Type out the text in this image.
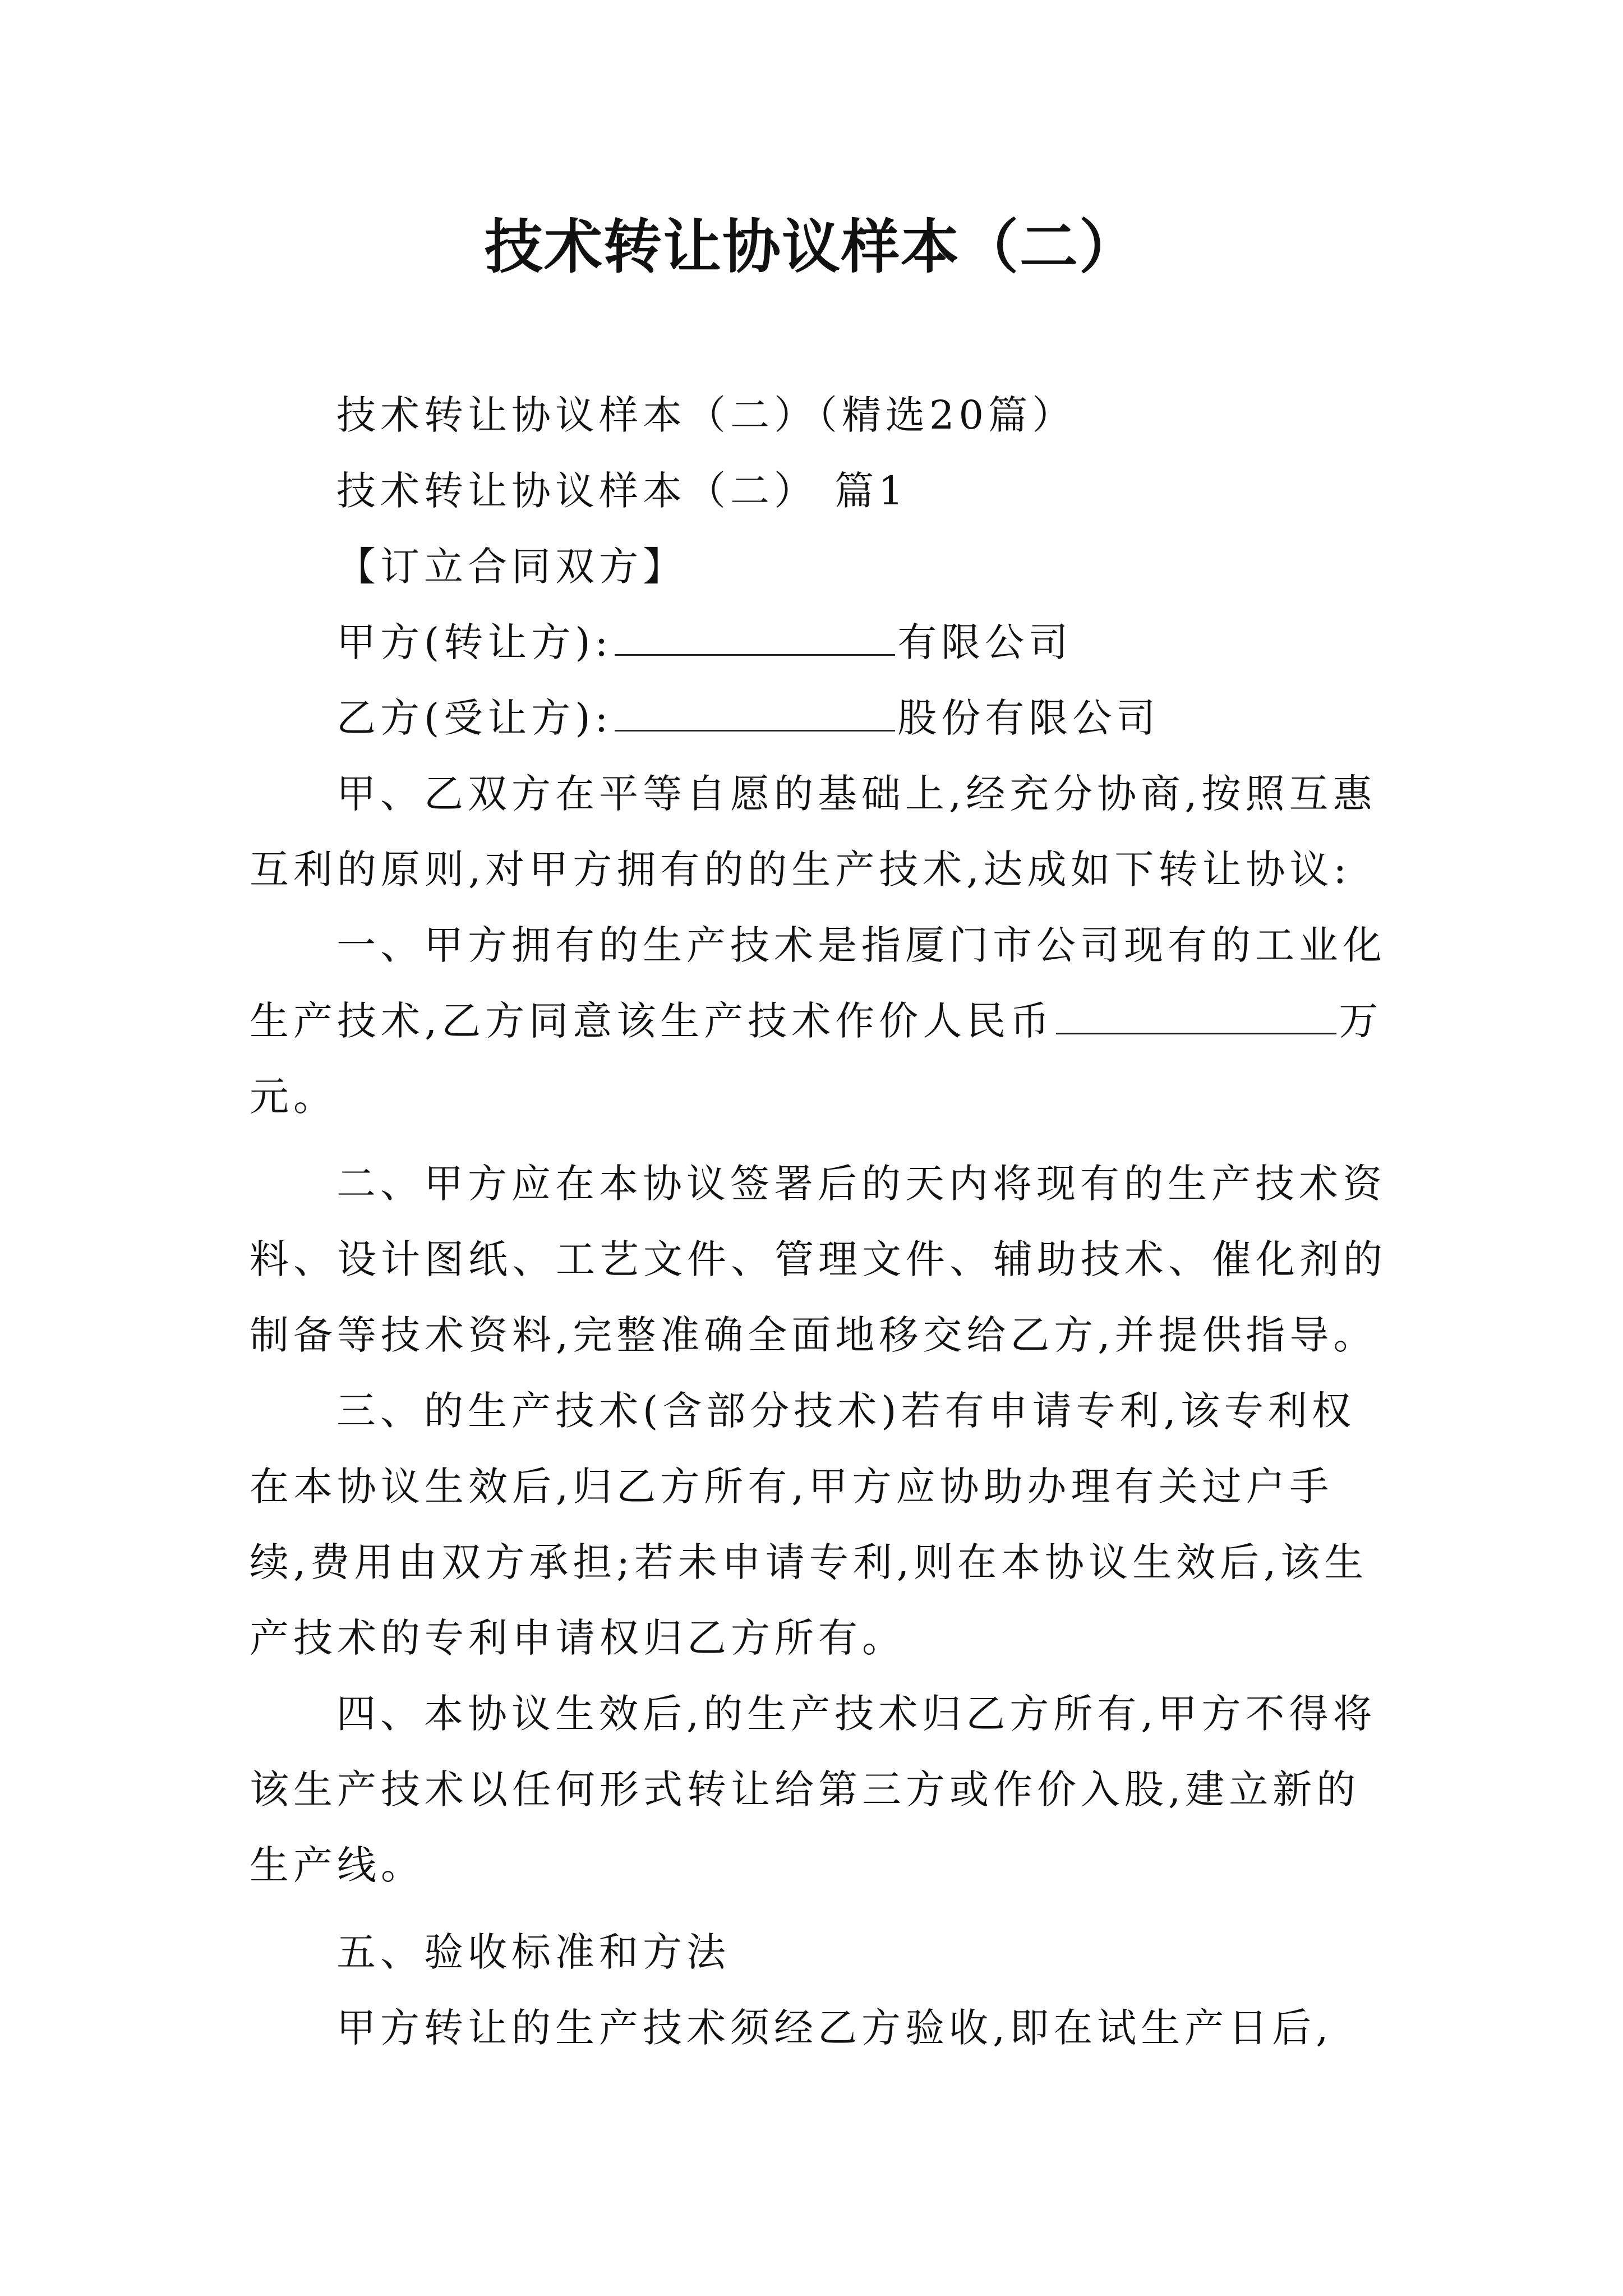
技术转让协议样本（二）
技术转让协议样本（二）（精选20篇）
技术转让协议样本（二） 篇1
【订立合同双方】
甲方(转让方):	有限公司
乙方(受让方):	股份有限公司
甲、乙双方在平等自愿的基础上,经充分协商,按照互惠
互利的原则,对甲方拥有的的生产技术,达成如下转让协议:
一、甲方拥有的生产技术是指厦门市公司现有的工业化
生产技术,乙方同意该生产技术作价人民币	万
元。
二、甲方应在本协议签署后的天内将现有的生产技术资
料、设计图纸、工艺文件、管理文件、辅助技术、催化剂的
制备等技术资料,完整准确全面地移交给乙方,并提供指导。
三、的生产技术(含部分技术)若有申请专利,该专利权
在本协议生效后,归乙方所有,甲方应协助办理有关过户手
续,费用由双方承担;若未申请专利,则在本协议生效后,该生
产技术的专利申请权归乙方所有。
四、本协议生效后,的生产技术归乙方所有,甲方不得将
该生产技术以任何形式转让给第三方或作价入股,建立新的
生产线。
五、验收标准和方法
甲方转让的生产技术须经乙方验收,即在试生产日后,
